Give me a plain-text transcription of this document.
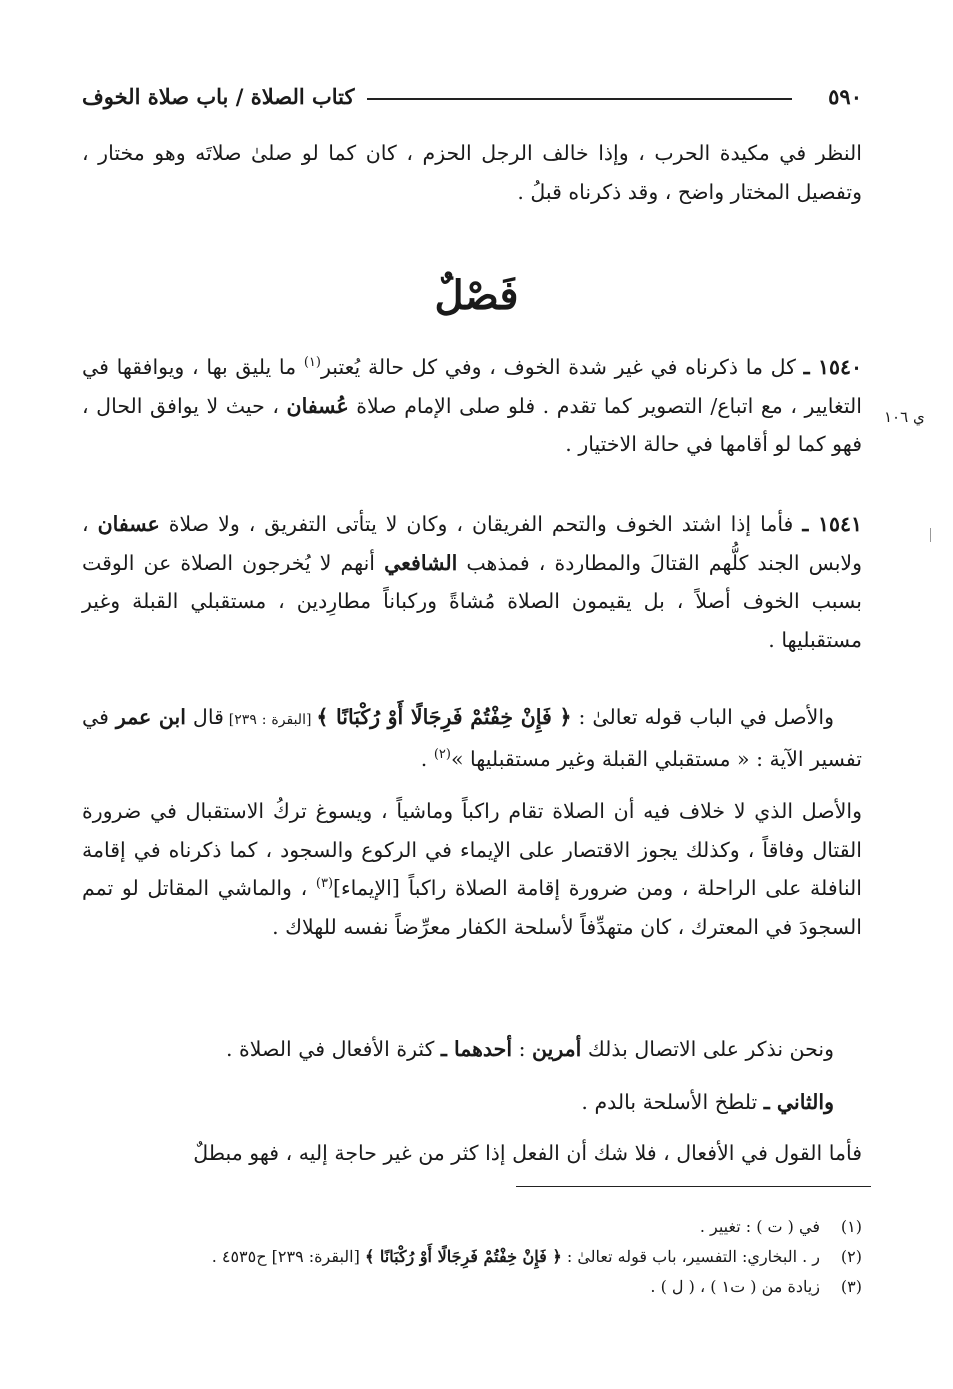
٥٩٠
كتاب الصلاة / باب صلاة الخوف
النظر في مكيدة الحرب ، وإذا خالف الرجل الحزم ، كان كما لو صلىٰ صلاتَه وهو مختار ، وتفصيل المختار واضح ، وقد ذكرناه قبلُ .
فَصْلٌ
ي ١٠٦
١٥٤٠ ـ كل ما ذكرناه في غير شدة الخوف ، وفي كل حالة يُعتبر$^{(١)}$ ما يليق بها ، ويوافقها في التغايير ، مع اتباع/ التصوير كما تقدم . فلو صلى الإمام صلاة عُسفان ، حيث لا يوافق الحال ، فهو كما لو أقامها في حالة الاختيار .
١٥٤١ ـ فأما إذا اشتد الخوف والتحم الفريقان ، وكان لا يتأتى التفريق ، ولا صلاة عسفان ، ولابس الجند كلُّهم القتالَ والمطاردة ، فمذهب الشافعي أنهم لا يُخرجون الصلاة عن الوقت بسبب الخوف أصلاً ، بل يقيمون الصلاة مُشاةً وركباناً مطارِدين ، مستقبلي القبلة وغير مستقبليها .
والأصل في الباب قوله تعالىٰ : ﴿ فَإِنْ خِفْتُمْ فَرِجَالًا أَوْ رُكْبَانًا ﴾ [البقرة : ٢٣٩] قال ابن عمر في تفسير الآية : « مستقبلي القبلة وغير مستقبليها »$^{(٢)}$ .
والأصل الذي لا خلاف فيه أن الصلاة تقام راكباً وماشياً ، ويسوغ تركُ الاستقبال في ضرورة القتال وفاقاً ، وكذلك يجوز الاقتصار على الإيماء في الركوع والسجود ، كما ذكرناه في إقامة النافلة على الراحلة ، ومن ضرورة إقامة الصلاة راكباً [الإيماء]$^{(٣)}$ ، والماشي المقاتل لو تمم السجودَ في المعترك ، كان متهدِّفاً لأسلحة الكفار معرِّضاً نفسه للهلاك .
ونحن نذكر على الاتصال بذلك أمرين : أحدهما ـ كثرة الأفعال في الصلاة .
والثاني ـ تلطخ الأسلحة بالدم .
فأما القول في الأفعال ، فلا شك أن الفعل إذا كثر من غير حاجة إليه ، فهو مبطلٌ
(١)في ( ت ) : تغيير .
(٢)ر . البخاري: التفسير، باب قوله تعالىٰ : ﴿ فَإِنْ خِفْتُمْ فَرِجَالًا أَوْ رُكْبَانًا ﴾ [البقرة: ٢٣٩] ح٤٥٣٥ .
(٣)زيادة من ( ت١ ) ، ( ل ) .
